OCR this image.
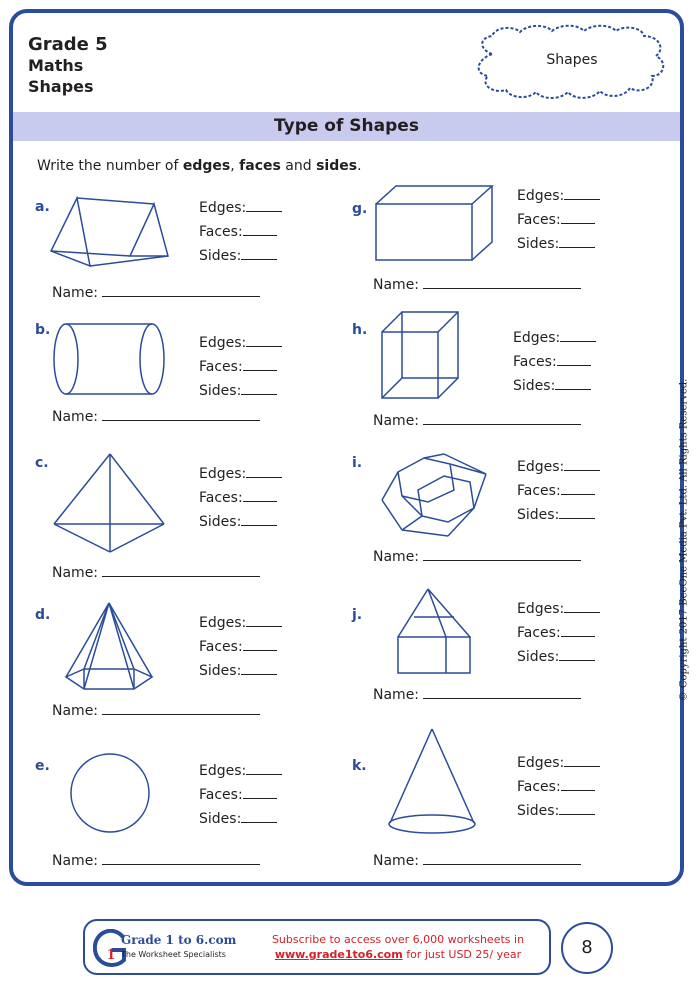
Grade 5
Maths
Shapes
Shapes
Type of Shapes
Write the number of edges, faces and sides.
a.	Edges:
Faces:
Sides:
Name:
b.
Edges:
Faces:
Sides:
Name:
c.
Edges:
Faces:
Sides:
Name:
d.	Edges:
Faces:
Sides:
Name:
e.	Edges:
Faces:
Sides:
Name:
g.
Edges:
Faces:
Sides:
Name:
h.	Edges:
Faces:
Sides:
Name:
i.	Edges:
Faces:
Sides:
Name:
j.	Edges:
Faces:
Sides:
Name:
k.	Edges:
Faces:
Sides:
Name:
© Copyright 2017 BeeOne Media Pvt. Ltd. All Rights Reserved.
1
Grade 1 to 6.com
The Worksheet Specialists
Subscribe to access over 6,000 worksheets in
www.grade1to6.com for just USD 25/ year	8
